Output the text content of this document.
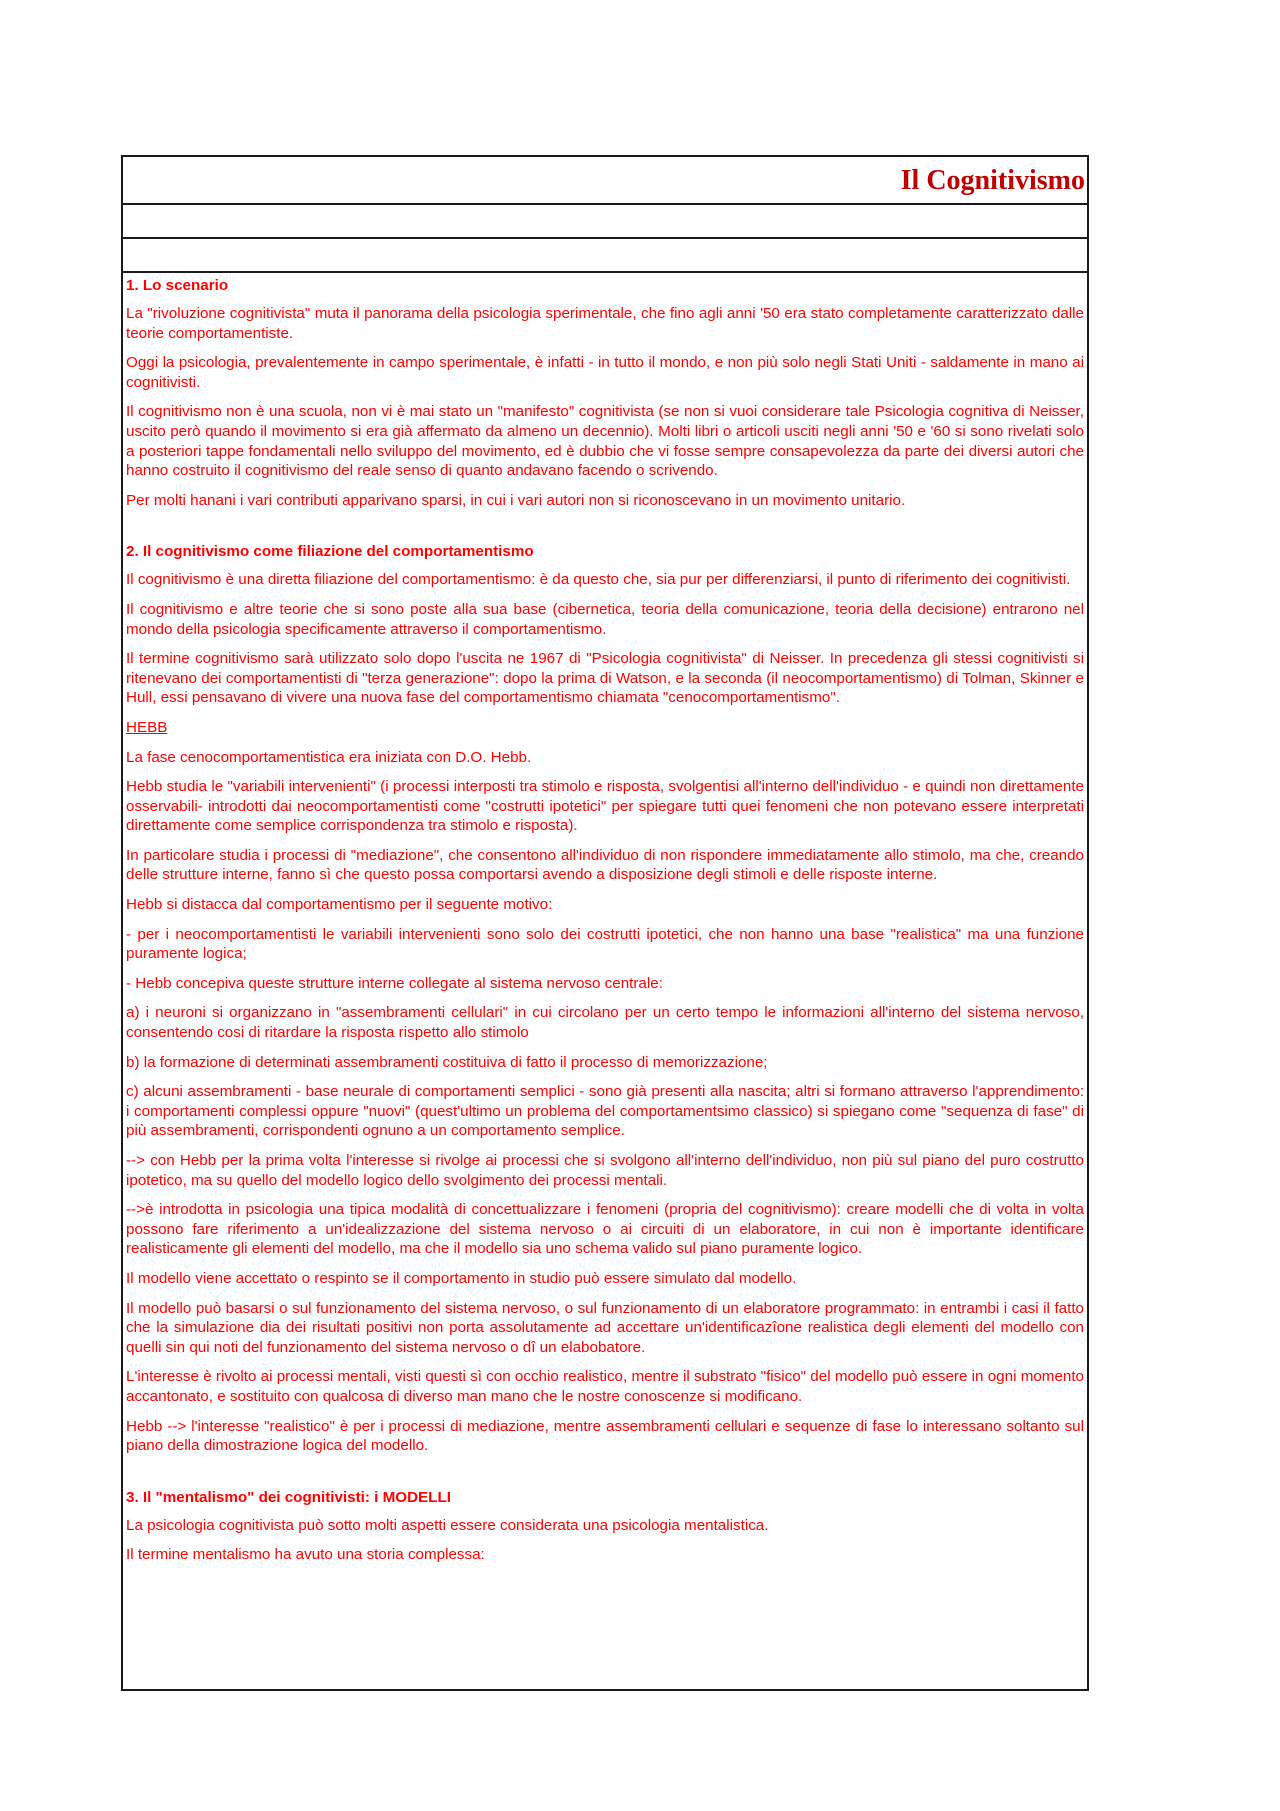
Il Cognitivismo
1. Lo scenario

La "rivoluzione cognitivista" muta il panorama della psicologia sperimentale, che fino agli anni '50 era stato completamente caratterizzato dalle teorie comportamentiste.

Oggi la psicologia, prevalentemente in campo sperimentale, è infatti - in tutto il mondo, e non più solo negli Stati Uniti - saldamente in mano ai cognitivisti.

Il cognitivismo non è una scuola, non vi è mai stato un "manifesto" cognitivista (se non si vuoi considerare tale Psicologia cognitiva di Neisser, uscito però quando il movimento si era già affermato da almeno un decennio). Molti libri o articoli usciti negli anni '50 e '60 si sono rivelati solo a posteriori tappe fondamentali nello sviluppo del movimento, ed è dubbio che vi fosse sempre consapevolezza da parte dei diversi autori che hanno costruito il cognitivismo del reale senso di quanto andavano facendo o scrivendo.

Per molti hanani i vari contributi apparivano sparsi, in cui i vari autori non si riconoscevano in un movimento unitario.

2. Il cognitivismo come filiazione del comportamentismo

Il cognitivismo è una diretta filiazione del comportamentismo: è da questo che, sia pur per differenziarsi, il punto di riferimento dei cognitivisti.

Il cognitivismo e altre teorie che si sono poste alla sua base (cibernetica, teoria della comunicazione, teoria della decisione) entrarono nel mondo della psicologia specificamente attraverso il comportamentismo.

Il termine cognitivismo sarà utilizzato solo dopo l'uscita ne 1967 di "Psicologia cognitivista" di Neisser. In precedenza gli stessi cognitivisti si ritenevano dei comportamentisti di "terza generazione": dopo la prima di Watson, e la seconda (il neocomportamentismo) di Tolman, Skinner e Hull, essi pensavano di vivere una nuova fase del comportamentismo chiamata "cenocomportamentismo".

HEBB

La fase cenocomportamentistica era iniziata con D.O. Hebb.

Hebb studia le "variabili intervenienti" (i processi interposti tra stimolo e risposta, svolgentisi all'interno dell'individuo - e quindi non direttamente osservabili- introdotti dai neocomportamentisti come "costrutti ipotetici" per spiegare tutti quei fenomeni che non potevano essere interpretati direttamente come semplice corrispondenza tra stimolo e risposta).

In particolare studia i processi di "mediazione", che consentono all'individuo di non rispondere immediatamente allo stimolo, ma che, creando delle strutture interne, fanno sì che questo possa comportarsi avendo a disposizione degli stimoli e delle risposte interne.

Hebb si distacca dal comportamentismo per il seguente motivo:

- per i neocomportamentisti le variabili intervenienti sono solo dei costrutti ipotetici, che non hanno una base "realistica" ma una funzione puramente logica;

- Hebb concepiva queste strutture interne collegate al sistema nervoso centrale:

a) i neuroni si organizzano in "assembramenti cellulari" in cui circolano per un certo tempo le informazioni all'interno del sistema nervoso, consentendo cosi di ritardare la risposta rispetto allo stimolo

b) la formazione di determinati assembramenti costituiva di fatto il processo di memorizzazione;

c) alcuni assembramenti - base neurale di comportamenti semplici - sono già presenti alla nascita; altri si formano attraverso l'apprendimento: i comportamenti complessi oppure "nuovi" (quest'ultimo un problema del comportamentsimo classico) si spiegano come "sequenza di fase" di più assembramenti, corrispondenti ognuno a un comportamento semplice.

--> con Hebb per la prima volta l'interesse si rivolge ai processi che si svolgono all'interno dell'individuo, non più sul piano del puro costrutto ipotetico, ma su quello del modello logico dello svolgimento dei processi mentali.

-->è introdotta in psicologia una tipica modalità di concettualizzare i fenomeni (propria del cognitivismo): creare modelli che di volta in volta possono fare riferimento a un'idealizzazione del sistema nervoso o ai circuiti di un elaboratore, in cui non è importante identificare realisticamente gli elementi del modello, ma che il modello sia uno schema valido sul piano puramente logico.

Il modello viene accettato o respinto se il comportamento in studio può essere simulato dal modello.

Il modello può basarsi o sul funzionamento del sistema nervoso, o sul funzionamento di un elaboratore programmato: in entrambi i casi il fatto che la simulazione dia dei risultati positivi non porta assolutamente ad accettare un'identificazîone realistica degli elementi del modello con quelli sin qui noti del funzionamento del sistema nervoso o dî un elabobatore.

L'interesse è rivolto ai processi mentali, visti questi sì con occhio realistico, mentre il substrato "fisico" del modello può essere in ogni momento accantonato, e sostituito con qualcosa di diverso man mano che le nostre conoscenze si modificano.

Hebb --> l'interesse "realistico" è per i processi di mediazione, mentre assembramenti cellulari e sequenze di fase lo interessano soltanto sul piano della dimostrazione logica del modello.

3. Il "mentalismo" dei cognitivisti: i MODELLI

La psicologia cognitivista può sotto molti aspetti essere considerata una psicologia mentalistica.

Il termine mentalismo ha avuto una storia complessa:
